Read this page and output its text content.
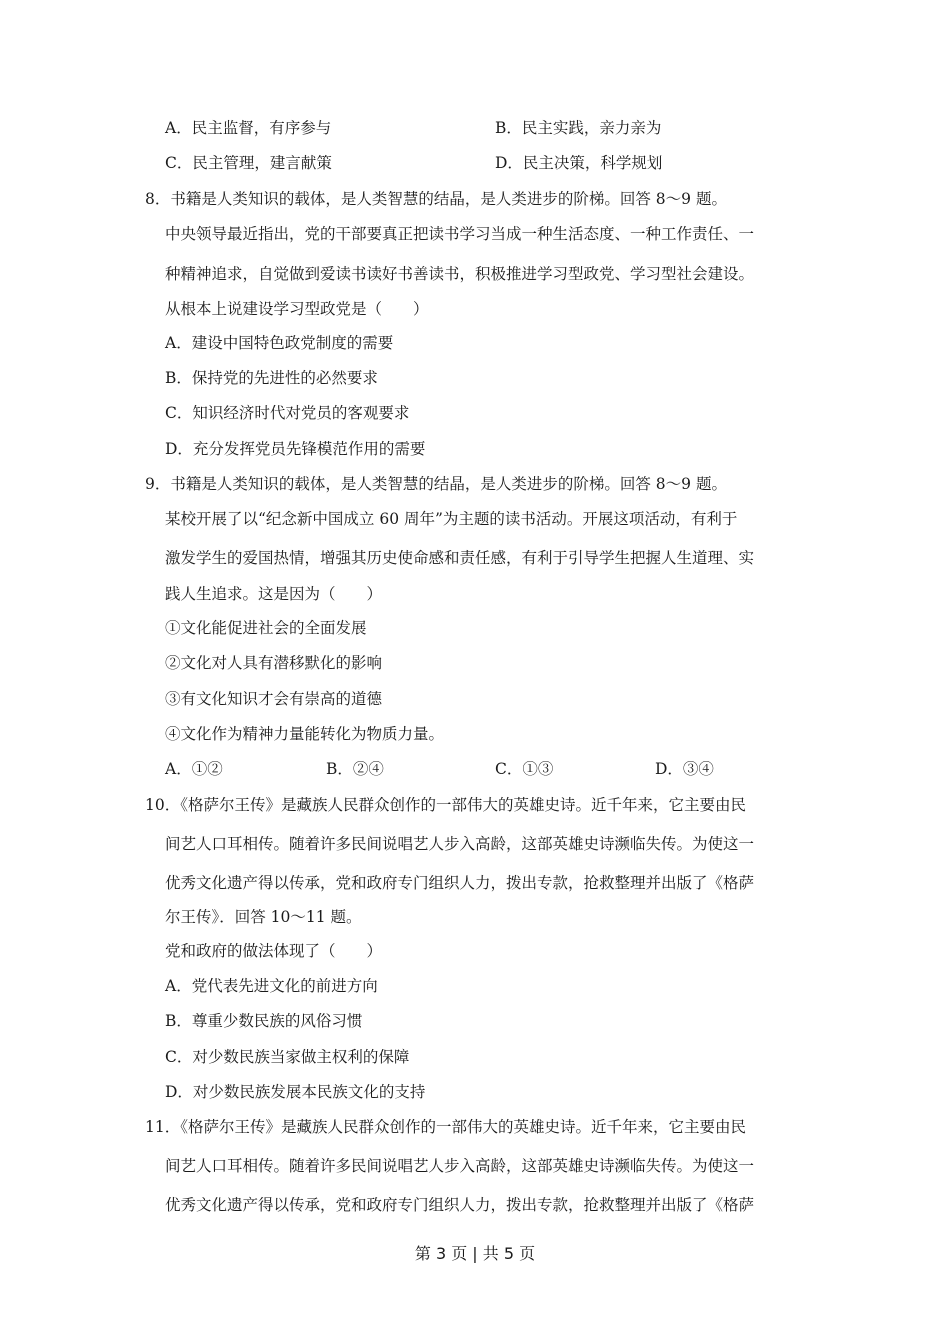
A．民主监督，有序参与	B．民主实践，亲力亲为
C．民主管理，建言献策	D．民主决策，科学规划
8．书籍是人类知识的载体，是人类智慧的结晶，是人类进步的阶梯。回答 8～9 题。
中央领导最近指出，党的干部要真正把读书学习当成一种生活态度、一种工作责任、一
种精神追求，自觉做到爱读书读好书善读书，积极推进学习型政党、学习型社会建设。
从根本上说建设学习型政党是（　　）
A．建设中国特色政党制度的需要
B．保持党的先进性的必然要求
C．知识经济时代对党员的客观要求
D．充分发挥党员先锋模范作用的需要
9．书籍是人类知识的载体，是人类智慧的结晶，是人类进步的阶梯。回答 8～9 题。
某校开展了以“纪念新中国成立 60 周年”为主题的读书活动。开展这项活动，有利于
激发学生的爱国热情，增强其历史使命感和责任感，有利于引导学生把握人生道理、实
践人生追求。这是因为（　　）
①文化能促进社会的全面发展
②文化对人具有潜移默化的影响
③有文化知识才会有崇高的道德
④文化作为精神力量能转化为物质力量。
A．①②	B．②④	C．①③	D．③④
10．《格萨尔王传》是藏族人民群众创作的一部伟大的英雄史诗。近千年来，它主要由民
间艺人口耳相传。随着许多民间说唱艺人步入高龄，这部英雄史诗濒临失传。为使这一
优秀文化遗产得以传承，党和政府专门组织人力，拨出专款，抢救整理并出版了《格萨
尔王传》．回答 10～11 题。
党和政府的做法体现了（　　）
A．党代表先进文化的前进方向
B．尊重少数民族的风俗习惯
C．对少数民族当家做主权利的保障
D．对少数民族发展本民族文化的支持
11．《格萨尔王传》是藏族人民群众创作的一部伟大的英雄史诗。近千年来，它主要由民
间艺人口耳相传。随着许多民间说唱艺人步入高龄，这部英雄史诗濒临失传。为使这一
优秀文化遗产得以传承，党和政府专门组织人力，拨出专款，抢救整理并出版了《格萨
第 3 页 | 共 5 页
